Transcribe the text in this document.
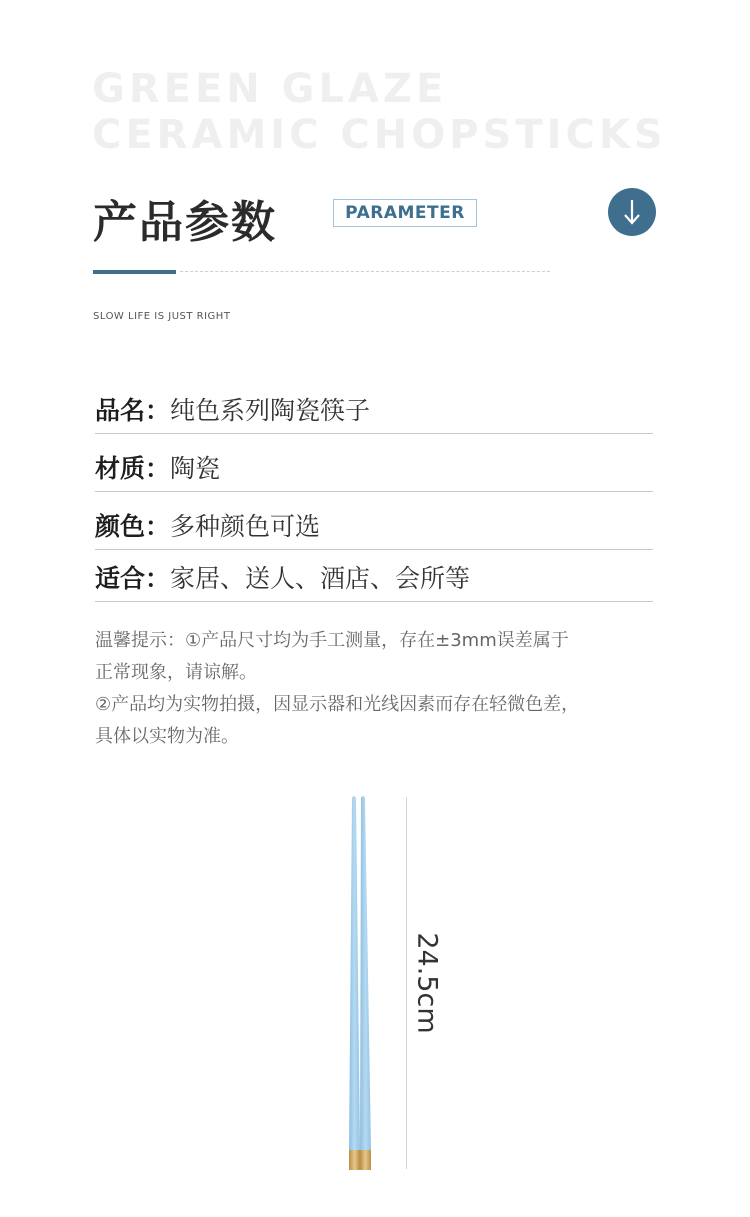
GREEN GLAZE
CERAMIC CHOPSTICKS
产品参数	PARAMETER
SLOW LIFE IS JUST RIGHT
品名：纯色系列陶瓷筷子
材质：陶瓷
颜色：多种颜色可选
适合：家居、送人、酒店、会所等

温馨提示：①产品尺寸均为手工测量，存在±3mm误差属于

正常现象，请谅解。

②产品均为实物拍摄，因显示器和光线因素而存在轻微色差，

具体以实物为准。

24.5cm
